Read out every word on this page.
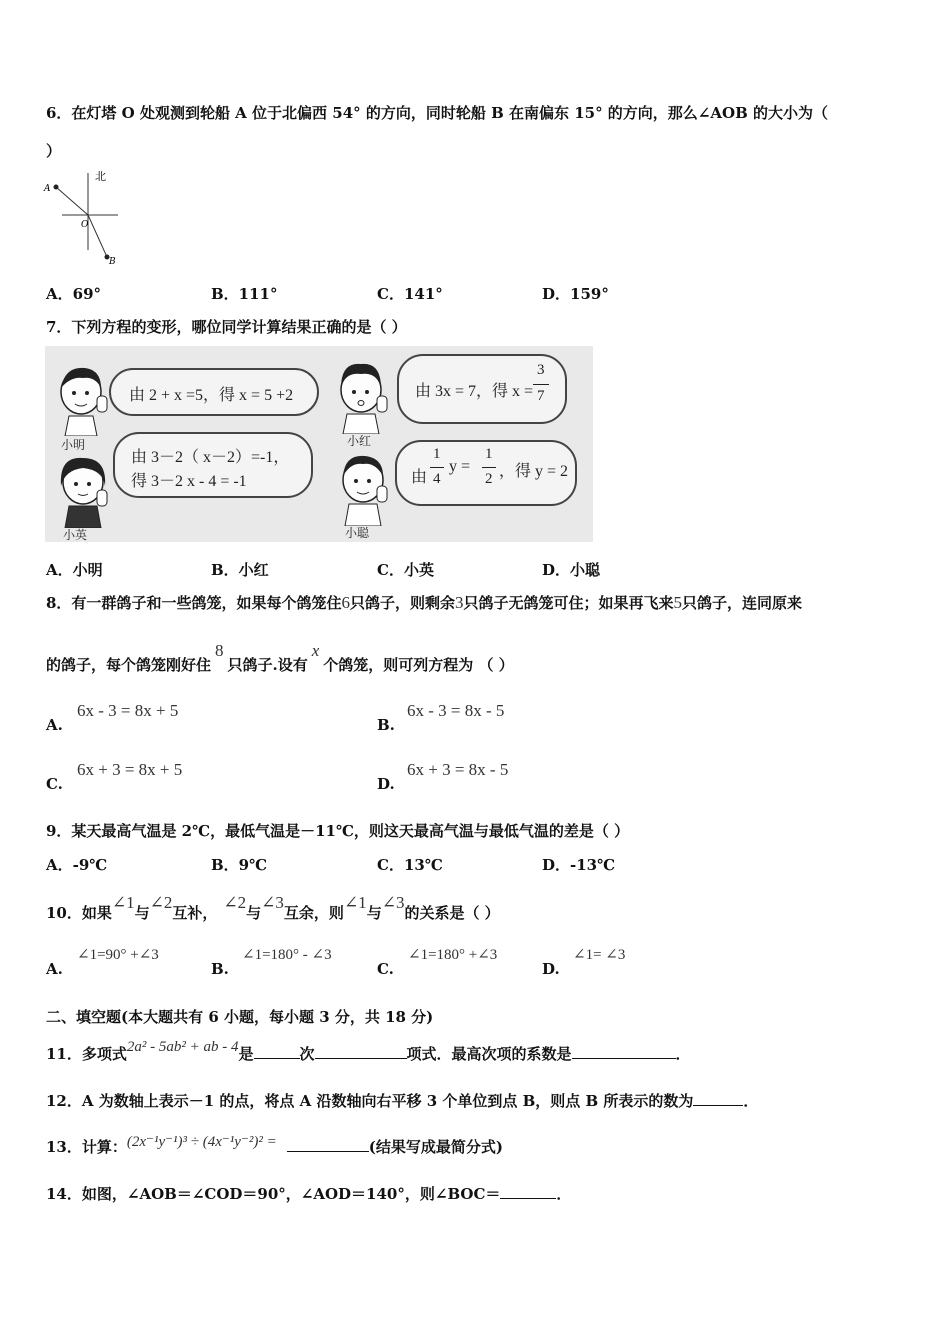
6．在灯塔 O 处观测到轮船 A 位于北偏西 54° 的方向，同时轮船 B 在南偏东 15° 的方向，那么∠AOB 的大小为（
）
北
A
O
B
A．69°	B．111°	C．141°	D．159°
7．下列方程的变形，哪位同学计算结果正确的是（ ）
小明
由 2 + x =5，得 x = 5 +2
小英
由 3－2（ x－2）=-1，
得 3－2 x - 4 = -1
小红
由 3x = 7，得 x =
3
7
小聪
由
1
4
y =
1
2 ，得 y = 2
A．小明	B．小红	C．小英	D．小聪
8．有一群鸽子和一些鸽笼，如果每个鸽笼住6只鸽子，则剩余3只鸽子无鸽笼可住；如果再飞来5只鸽子，连同原来
的鸽子，每个鸽笼刚好住8只鸽子.设有x个鸽笼，则可列方程为 （ ）
A.
6x - 3 = 8x + 5
B.
6x - 3 = 8x - 5
C.
6x + 3 = 8x + 5
D.
6x + 3 = 8x - 5
9．某天最高气温是 2℃，最低气温是－11℃，则这天最高气温与最低气温的差是（ ）
A．-9℃	B．9℃	C．13℃	D．-13℃
10．如果∠1与∠2互补，∠2与∠3互余，则∠1与∠3的关系是（ ）
A.
∠1=90° +∠3
B.
∠1=180° - ∠3
C.
∠1=180° +∠3
D.
∠1= ∠3
二、填空题(本大题共有 6 小题，每小题 3 分，共 18 分)
11．多项式2a² - 5ab² + ab - 4是	次	项式．最高次项的系数是	．
12．A 为数轴上表示－1 的点，将点 A 沿数轴向右平移 3 个单位到点 B，则点 B 所表示的数为	．
13．计算：(2x⁻¹y⁻¹)³ ÷ (4x⁻¹y⁻²)² =	(结果写成最简分式)
14．如图，∠AOB＝∠COD＝90°，∠AOD＝140°，则∠BOC＝	．
